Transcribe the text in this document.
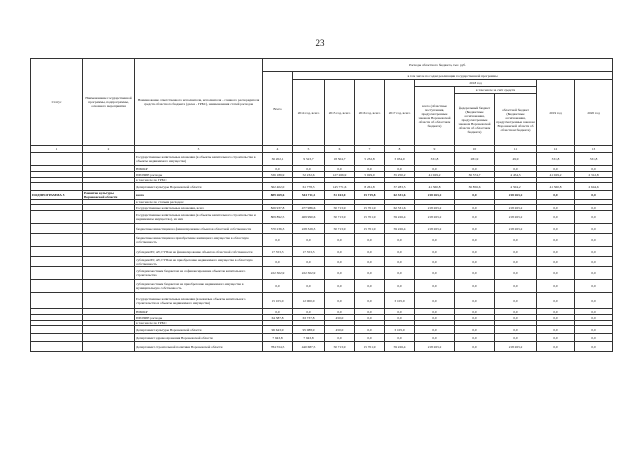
23
Статус	Наименование государственной программы, подпрограммы, основного мероприятия	Наименование ответственного исполнителя, исполнителя – главного распорядителя средств областного бюджета (далее - ГРБС), наименования статей расходов	Расходы областного бюджета, тыс. руб.									
			Всего	в том числе по годам реализации государственной программы								
				2014 год, всего	2015 год, всего	2016 год, всего	2017 год, всего	2018 год			2019 год	2020 год
								всего (областные поступления, предусмотренные законом Воронежской области об областном бюджете)	в том числе за счёт средств			
									федеральный бюджет (Бюджетные ассигнования, предусмотренные законом Воронежской области об областном бюджете)	областной бюджет (Бюджетные ассигнования, предусмотренные законом Воронежской области об областном бюджете)		
1	2	3	4	5	6	7	8	9	10	11	12	13
		Государственные капитальные вложения (в объекты капитального строительства в объекты недвижимого имущества)	36 202,1	9 523,7	18 504,7	5 232,8	3 034,0	331,8	281,9	49,9	331,8	331,8
		НИОКР	0,0	0,0	0,0	0,0	0,0	0,0	0,0	0,0	0,0	0,0
		ПРОЧИЕ расходы	336 189,9	52 232,6	127 266,9	5 029,0	35 250,2	41 029,2	36 574,7	4 454,5	41 029,2	2 312,8
		в том числе по ГРБС:										
		Департамент культуры Воронежской области	362 402,0	61 778,3	145 771,6	8 261,8	37 283,5	41 360,8	36 856,6	4 504,2	41 360,8	2 644,6
ПОДПРОГРАММА 5	Развитие культуры Воронежской области	всего	889 269,6	544 711,2	51 163,0	15 719,8	62 331,6	218 263,2	0,0	218 263,2	0,0	0,0
		в том числе по статьям расходов:										
		Государственные капитальные вложения, всего	826 937,8	477 986,6	50 713,9	15 701,9	62 331,6	218 263,2	0,0	218 263,2	0,0	0,0
		Государственные капитальные вложения (в объекты капитального строительства и недвижимое имущество), из них	809 892,5	469 990,6	50 713,9	15 701,9	59 226,4	218 263,2	0,0	218 263,2	0,0	0,0
		бюджетные инвестиции на финансирование объектов областной собственности	570 236,3	228 329,3	50 713,9	15 701,9	59 226,4	218 263,2	0,0	218 263,2	0,0	0,0
		бюджетные инвестиции на приобретение жилищного имущества в областную собственность	0,0	0,0	0,0	0,0	0,0	0,0	0,0	0,0	0,0	0,0
		субсидии БУ, АУ, ГУПам на финансирование объектов областной собственности	17 353,3	17 353,3	0,0	0,0	0,0	0,0	0,0	0,0	0,0	0,0
		субсидии БУ, АУ, ГУПам на приобретение недвижимого имущества в областную собственность	0,0	0,0	0,0	0,0	0,0	0,0	0,0	0,0	0,0	0,0
		субсидии местным бюджетам на софинансирование объектов капитального строительства	222 302,9	222 302,9	0,0	0,0	0,0	0,0	0,0	0,0	0,0	0,0
		субсидии местным бюджетам на приобретение недвижимого имущества в муниципальную собственность	0,0	0,0	0,0	0,0	0,0	0,0	0,0	0,0	0,0	0,0
		Государственные капитальные вложения (в нежилые объекты капитального строительства и объекты недвижимого имущества)	15 105,0	12 000,0	0,0	0,0	3 105,0	0,0	0,0	0,0	0,0	0,0
		НИОКР	0,0	0,0	0,0	0,0	0,0	0,0	0,0	0,0	0,0	0,0
		ПРОЧИЕ расходы	64 387,8	63 737,8	450,0	0,0	0,0	0,0	0,0	0,0	0,0	0,0
		в том числе по ГРБС:										
		Департамент культуры Воронежской области	96 643,9	95 088,9	450,0	0,0	3 105,0	0,0	0,0	0,0	0,0	0,0
		Департамент здравоохранения Воронежской области	7 943,8	7 943,8	0,0	0,0	0,0	0,0	0,0	0,0	0,0	0,0
		Департамент строительной политики Воронежской области	784 554,5	440 687,5	50 713,9	15 701,9	59 226,4	218 263,2	0,0	218 263,2	0,0	0,0
